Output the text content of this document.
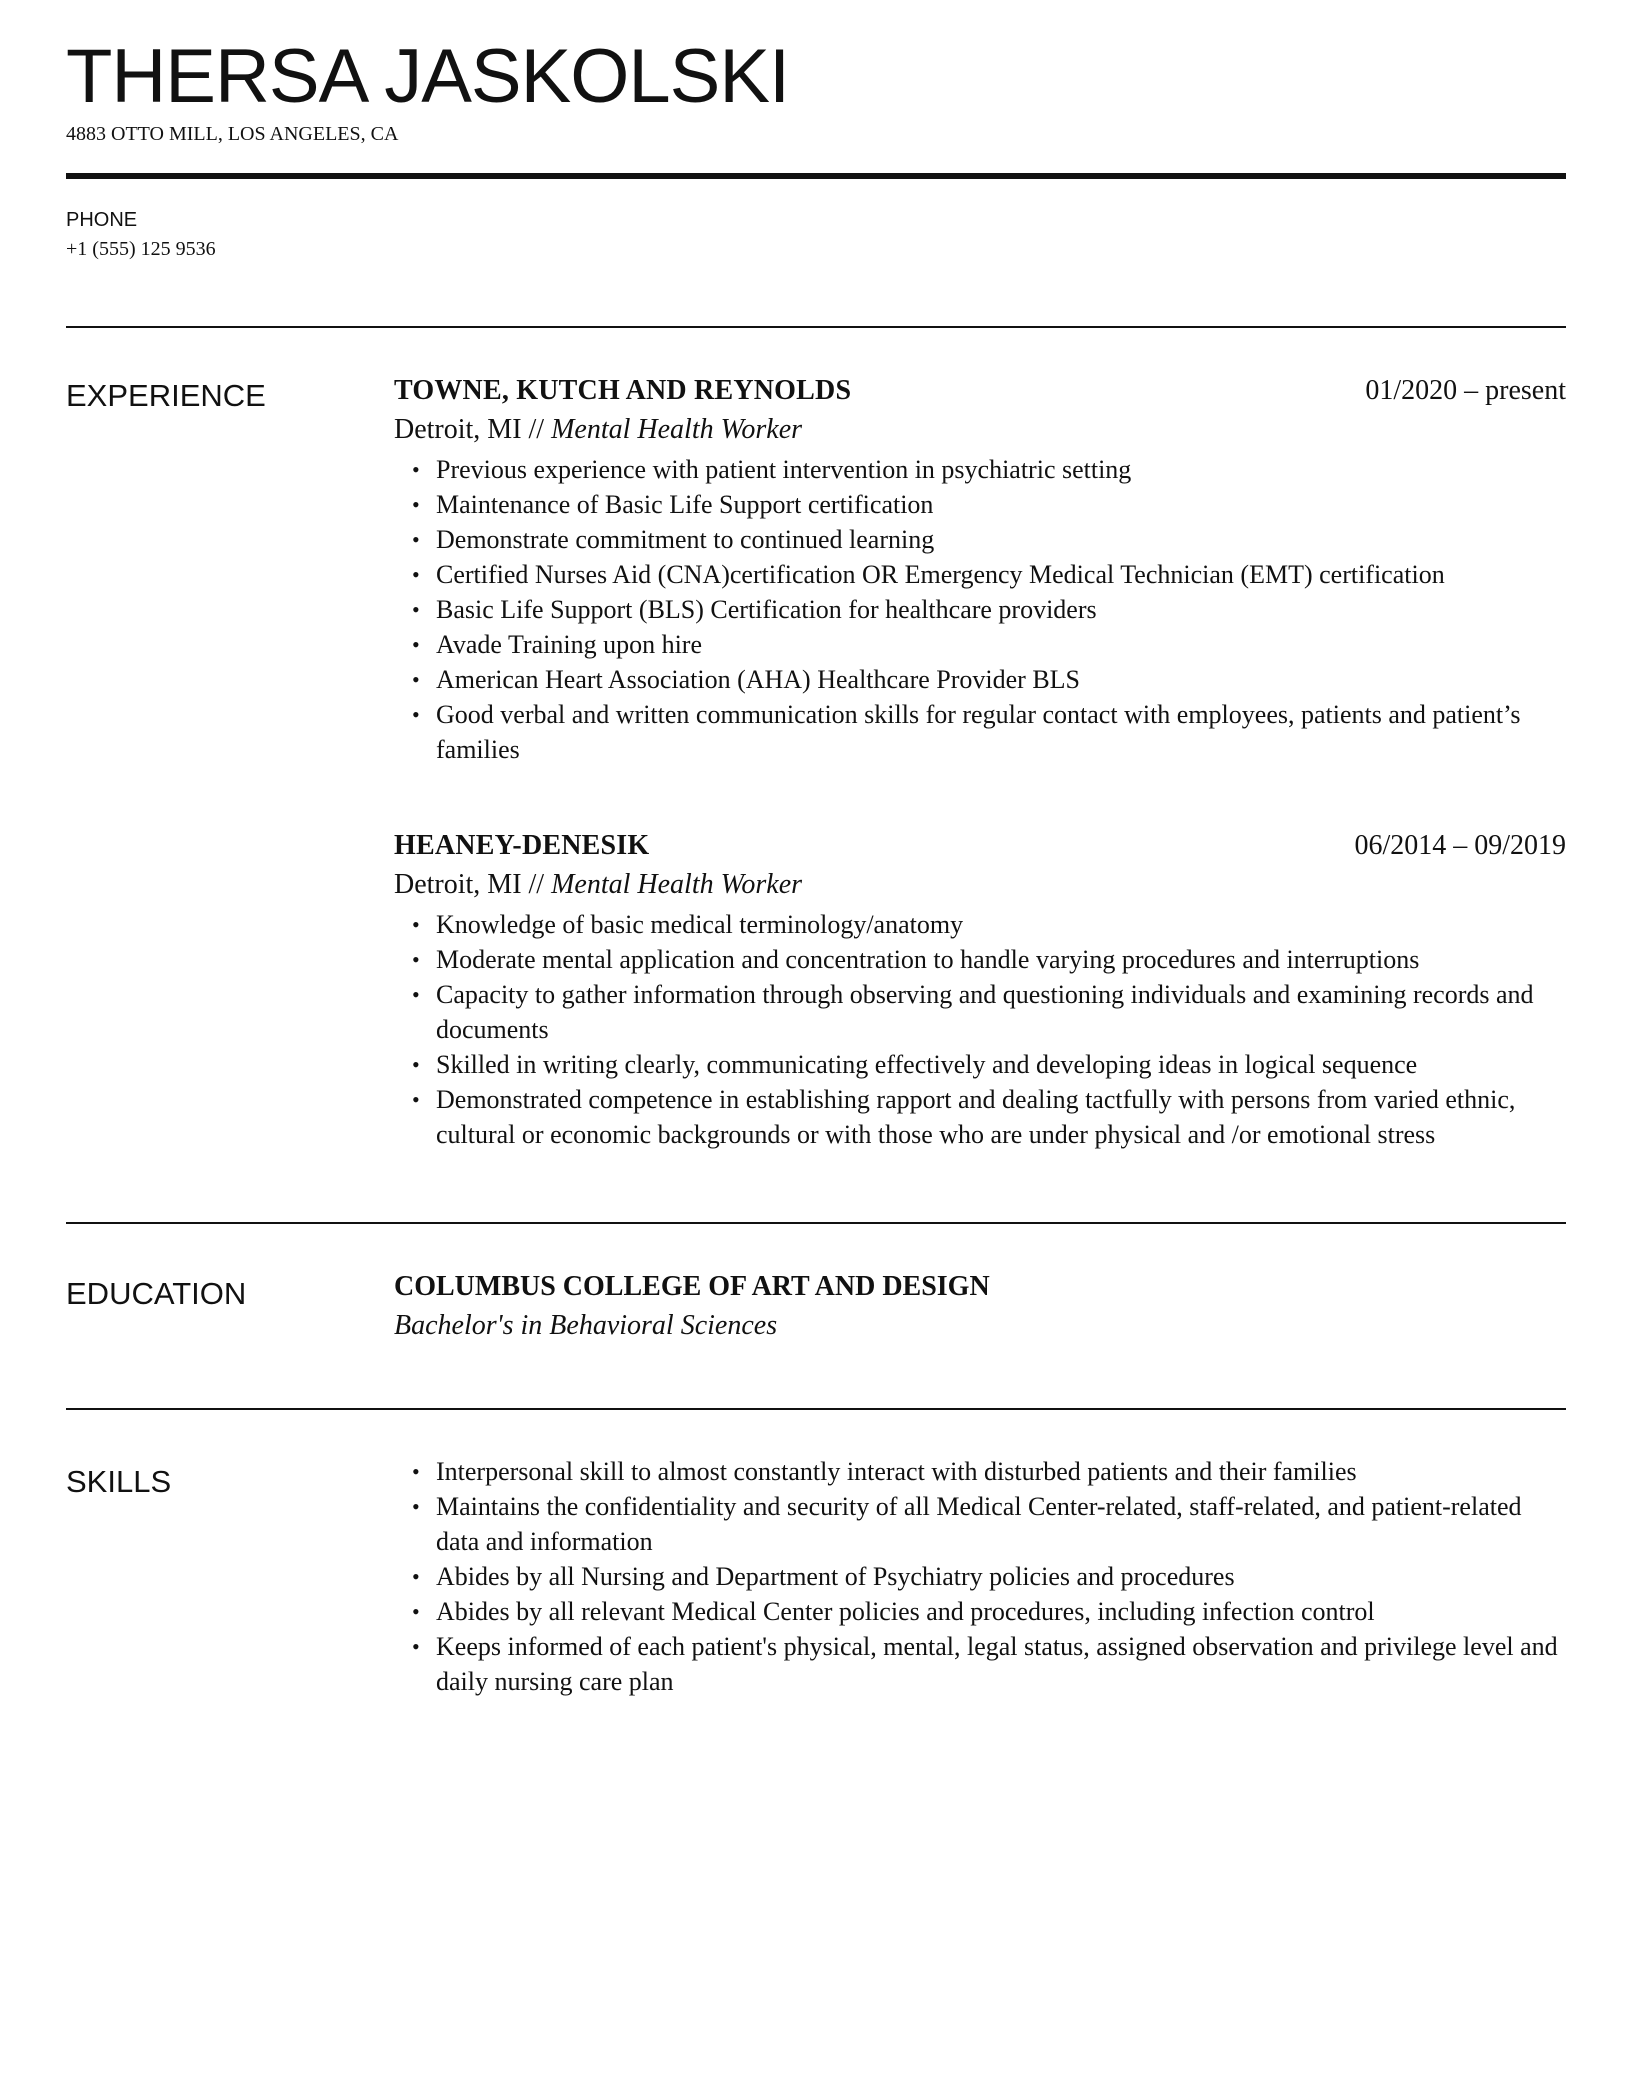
THERSA JASKOLSKI
4883 OTTO MILL, LOS ANGELES, CA
PHONE
+1 (555) 125 9536
EXPERIENCE	TOWNE, KUTCH AND REYNOLDS	01/2020 – present
Detroit, MI // Mental Health Worker
• Previous experience with patient intervention in psychiatric setting
• Maintenance of Basic Life Support certification
• Demonstrate commitment to continued learning
• Certified Nurses Aid (CNA)certification OR Emergency Medical Technician (EMT) certification
• Basic Life Support (BLS) Certification for healthcare providers
• Avade Training upon hire
• American Heart Association (AHA) Healthcare Provider BLS
• Good verbal and written communication skills for regular contact with employees, patients and patient’s families
HEANEY-DENESIK	06/2014 – 09/2019
Detroit, MI // Mental Health Worker
• Knowledge of basic medical terminology/anatomy
• Moderate mental application and concentration to handle varying procedures and interruptions
• Capacity to gather information through observing and questioning individuals and examining records and documents
• Skilled in writing clearly, communicating effectively and developing ideas in logical sequence
• Demonstrated competence in establishing rapport and dealing tactfully with persons from varied ethnic, cultural or economic backgrounds or with those who are under physical and /or emotional stress
EDUCATION	COLUMBUS COLLEGE OF ART AND DESIGN
Bachelor's in Behavioral Sciences
SKILLS	• Interpersonal skill to almost constantly interact with disturbed patients and their families
• Maintains the confidentiality and security of all Medical Center-related, staff-related, and patient-related data and information
• Abides by all Nursing and Department of Psychiatry policies and procedures
• Abides by all relevant Medical Center policies and procedures, including infection control
• Keeps informed of each patient's physical, mental, legal status, assigned observation and privilege level and daily nursing care plan
